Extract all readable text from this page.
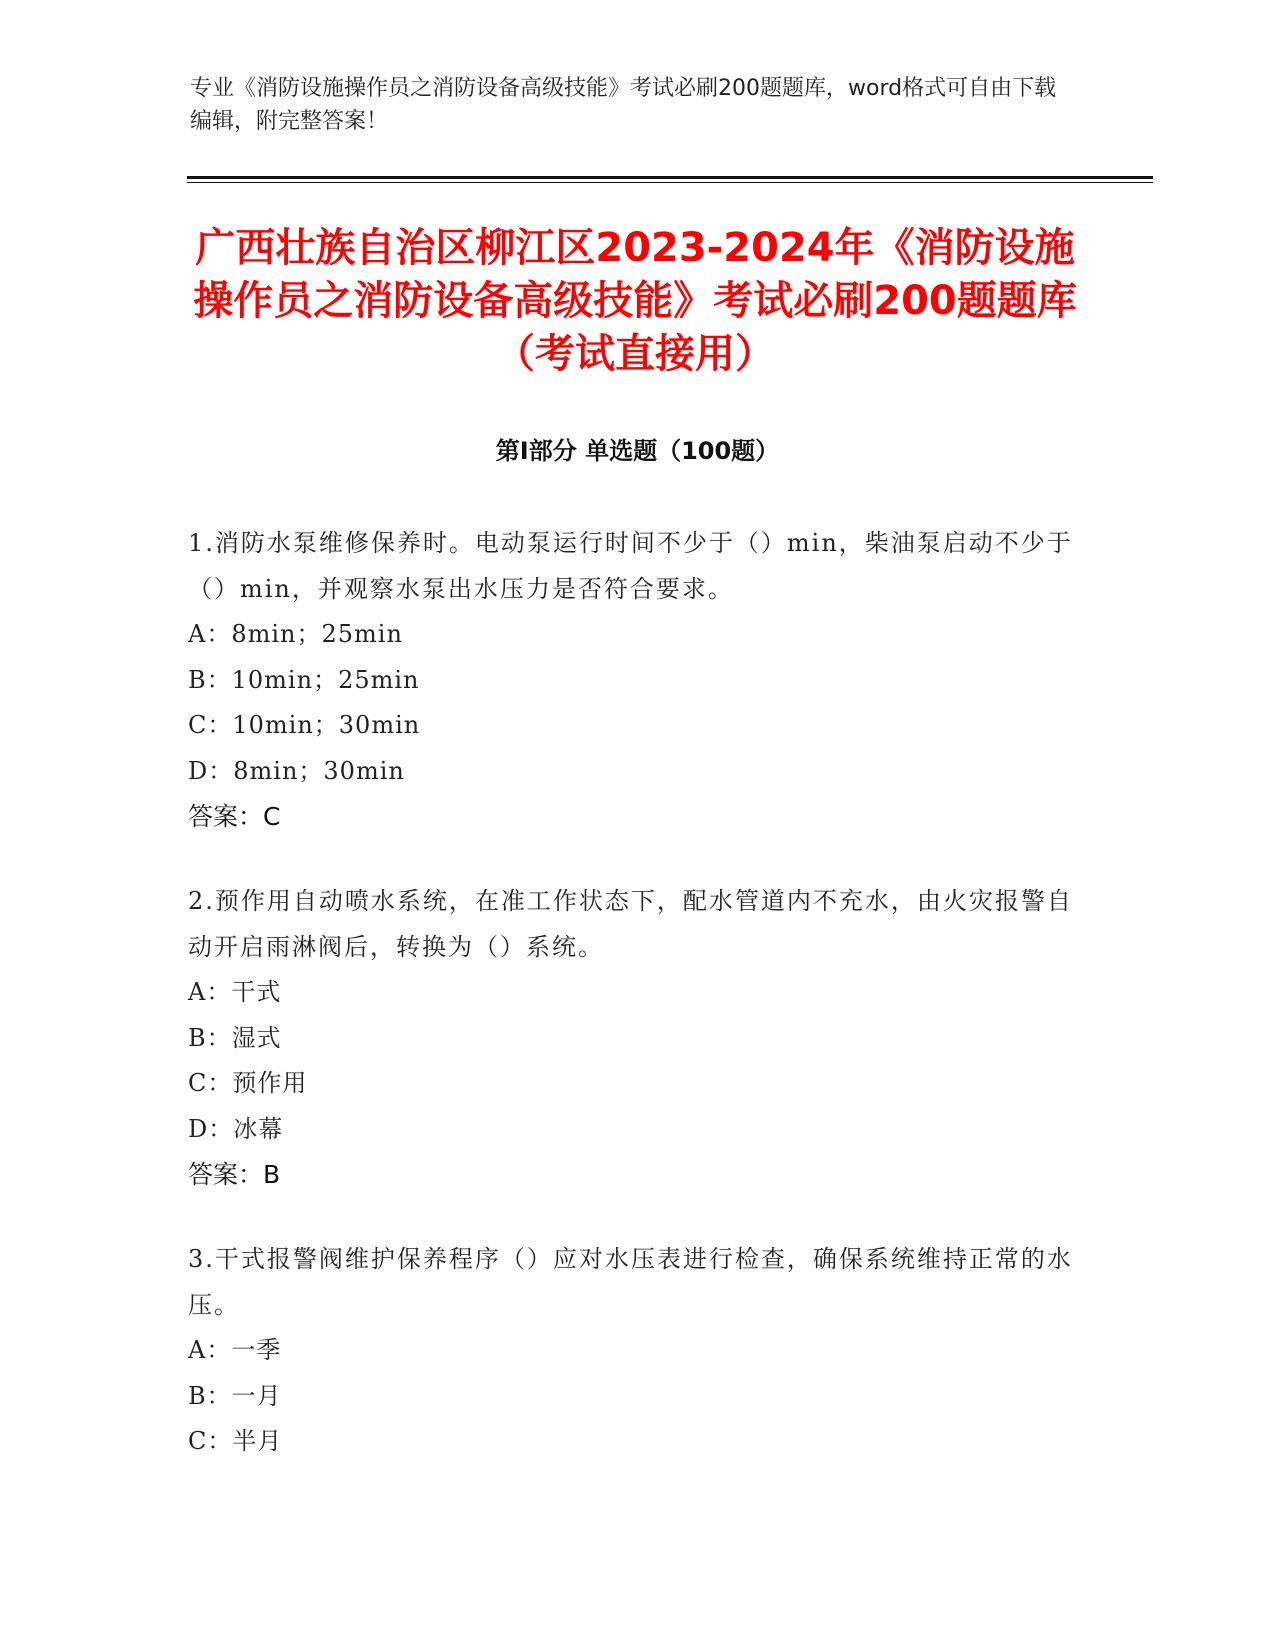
专业《消防设施操作员之消防设备高级技能》考试必刷200题题库，word格式可自由下载编辑，附完整答案！
广西壮族自治区柳江区2023-2024年《消防设施操作员之消防设备高级技能》考试必刷200题题库（考试直接用）
第Ⅰ部分 单选题（100题）
1.消防水泵维修保养时。电动泵运行时间不少于（）min，柴油泵启动不少于（）min，并观察水泵出水压力是否符合要求。
A：8min；25min
B：10min；25min
C：10min；30min
D：8min；30min
答案：C
2.预作用自动喷水系统，在准工作状态下，配水管道内不充水，由火灾报警自动开启雨淋阀后，转换为（）系统。
A：干式
B：湿式
C：预作用
D：冰幕
答案：B
3.干式报警阀维护保养程序（）应对水压表进行检查，确保系统维持正常的水压。
A：一季
B：一月
C：半月
